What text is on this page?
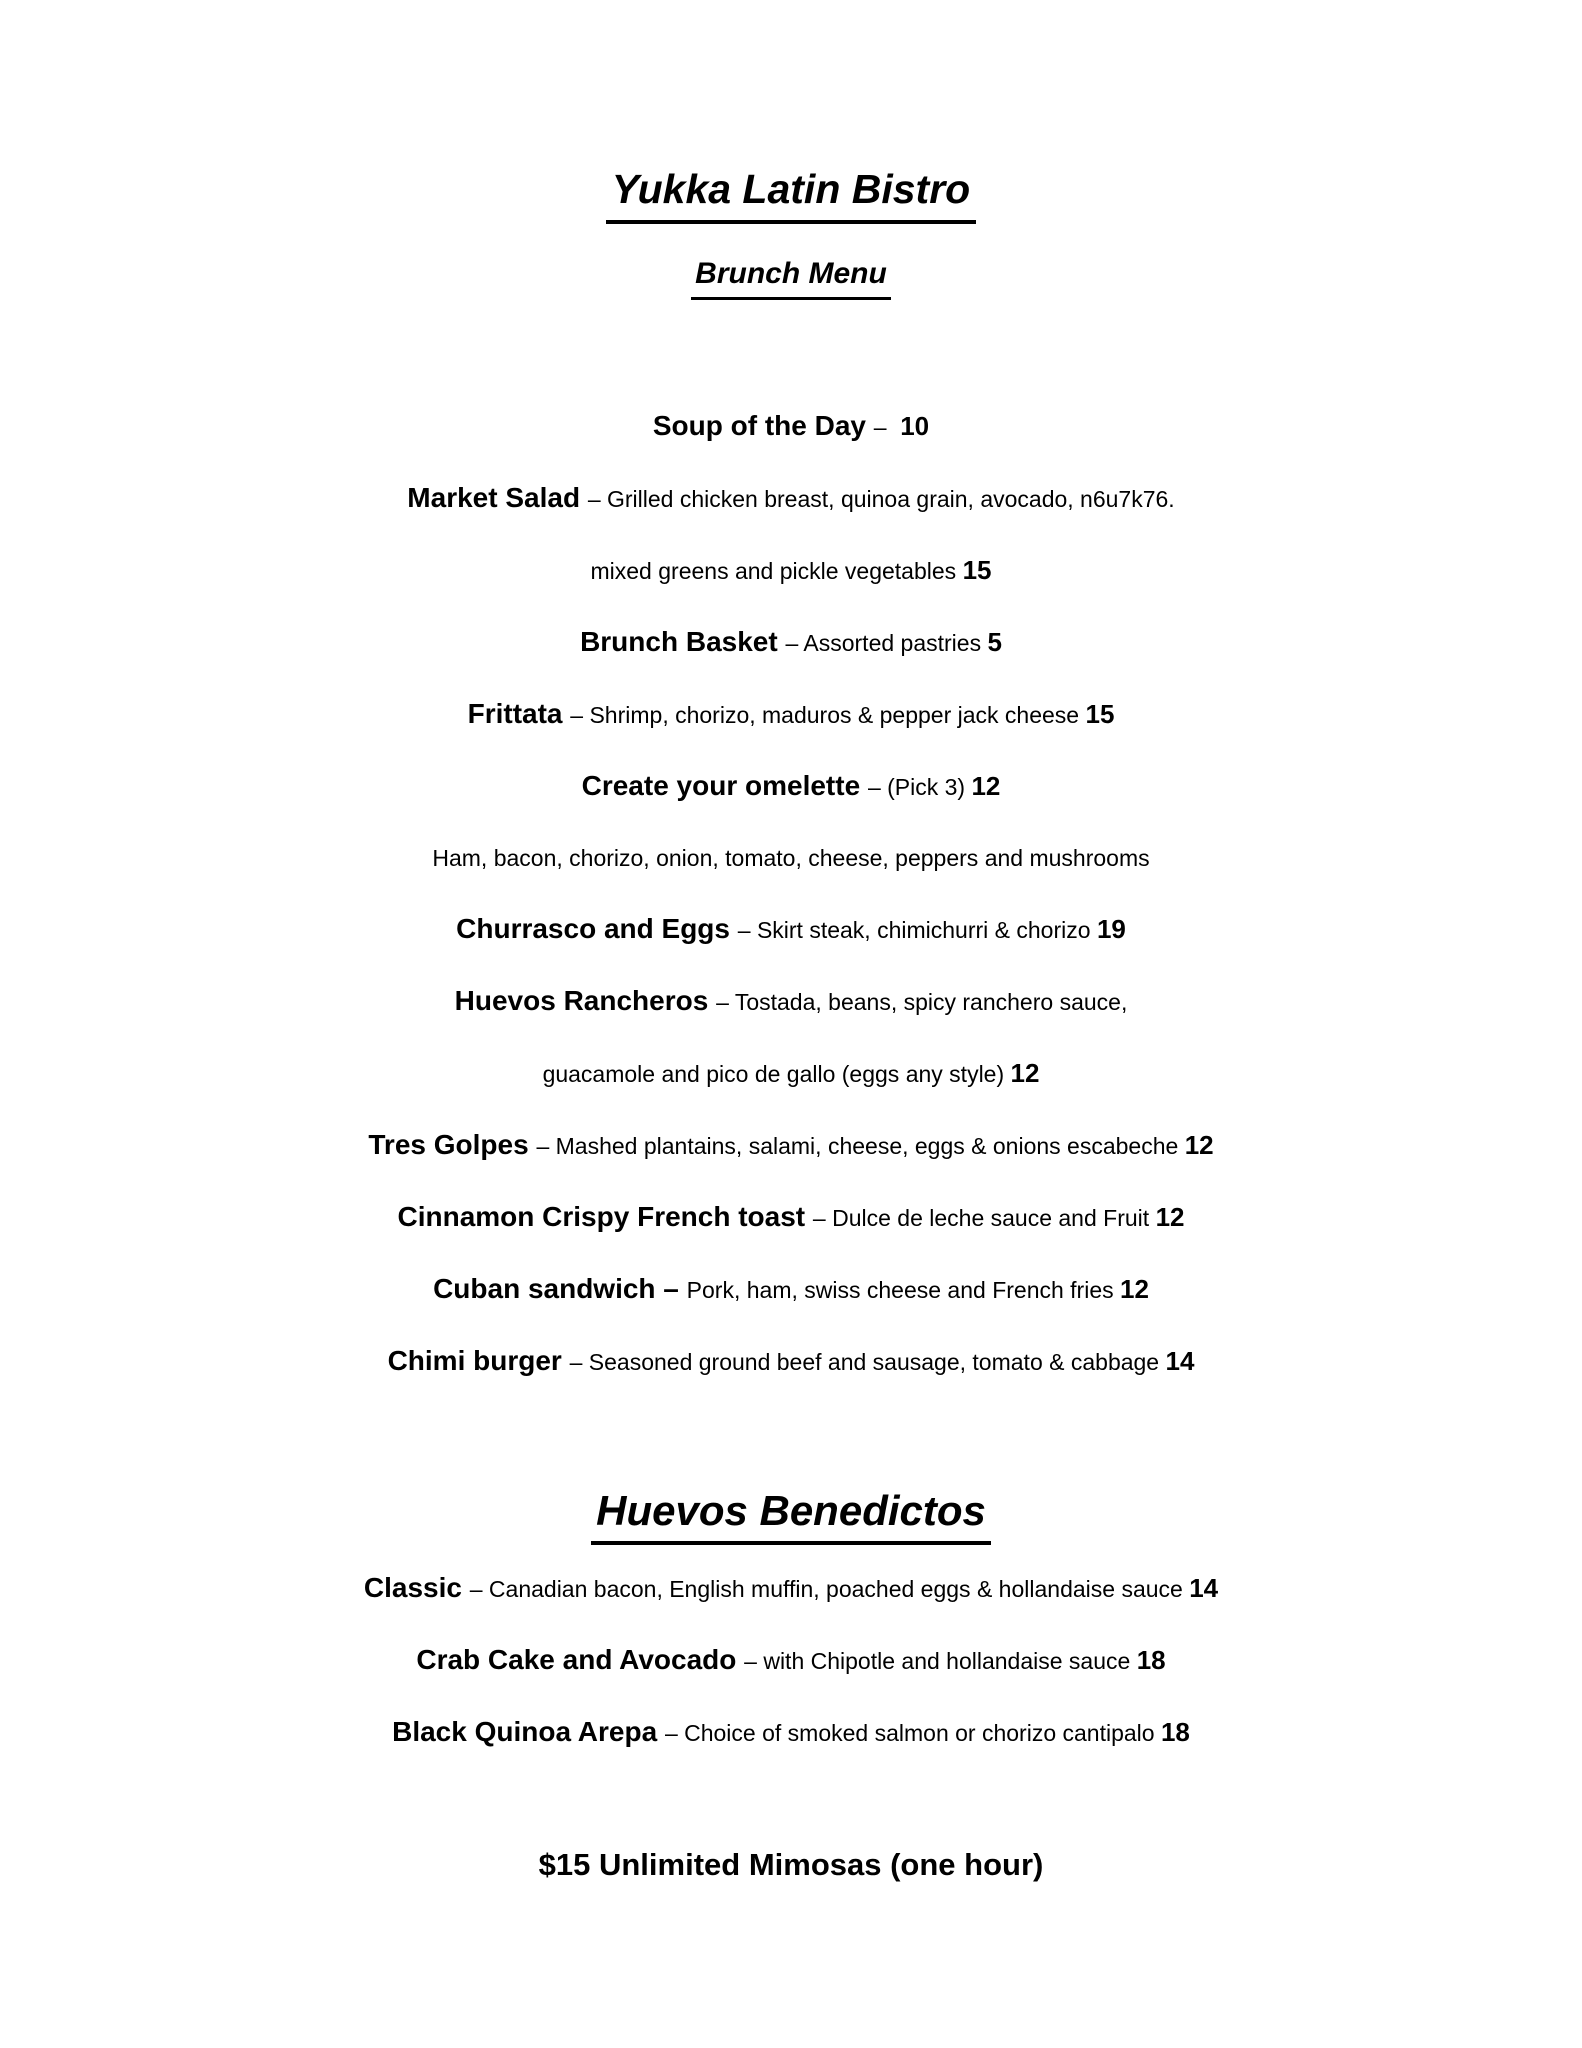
Yukka Latin Bistro
Brunch Menu

Soup of the Day –  10

Market Salad – Grilled chicken breast, quinoa grain, avocado, n6u7k76.

mixed greens and pickle vegetables 15

Brunch Basket – Assorted pastries 5

Frittata – Shrimp, chorizo, maduros & pepper jack cheese 15

Create your omelette – (Pick 3) 12

Ham, bacon, chorizo, onion, tomato, cheese, peppers and mushrooms

Churrasco and Eggs – Skirt steak, chimichurri & chorizo 19

Huevos Rancheros – Tostada, beans, spicy ranchero sauce,

guacamole and pico de gallo (eggs any style) 12

Tres Golpes – Mashed plantains, salami, cheese, eggs & onions escabeche 12

Cinnamon Crispy French toast – Dulce de leche sauce and Fruit 12

Cuban sandwich – Pork, ham, swiss cheese and French fries 12

Chimi burger – Seasoned ground beef and sausage, tomato & cabbage 14

Huevos Benedictos

Classic – Canadian bacon, English muffin, poached eggs & hollandaise sauce 14

Crab Cake and Avocado – with Chipotle and hollandaise sauce 18

Black Quinoa Arepa – Choice of smoked salmon or chorizo cantipalo 18

$15 Unlimited Mimosas (one hour)
